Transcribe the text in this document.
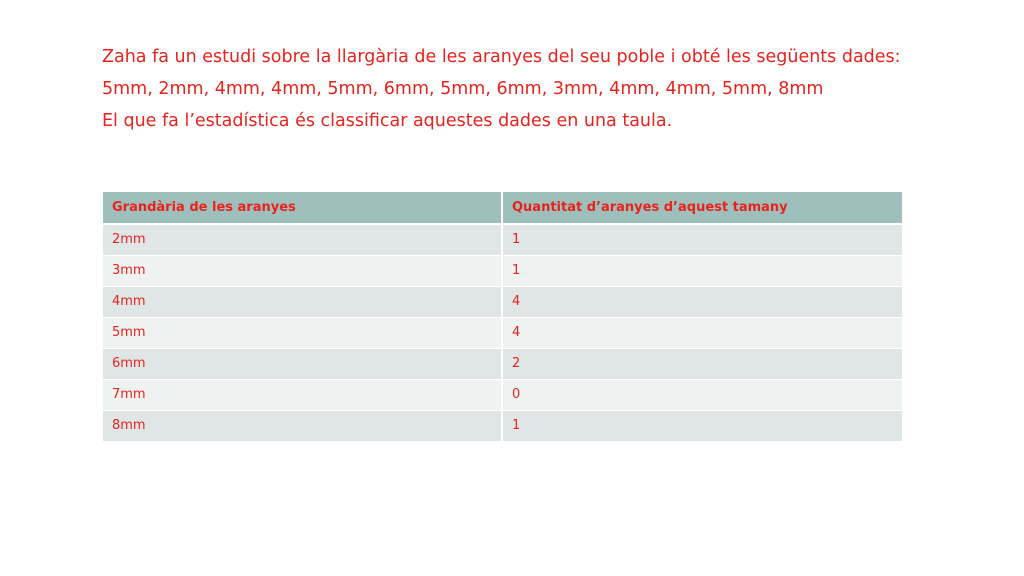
Zaha fa un estudi sobre la llargària de les aranyes del seu poble i obté les següents dades:

5mm, 2mm, 4mm, 4mm, 5mm, 6mm, 5mm, 6mm, 3mm, 4mm, 4mm, 5mm, 8mm

El que fa l’estadística és classificar aquestes dades en una taula.

Grandària de les aranyes	Quantitat d’aranyes d’aquest tamany
2mm	1
3mm	1
4mm	4
5mm	4
6mm	2
7mm	0
8mm	1
